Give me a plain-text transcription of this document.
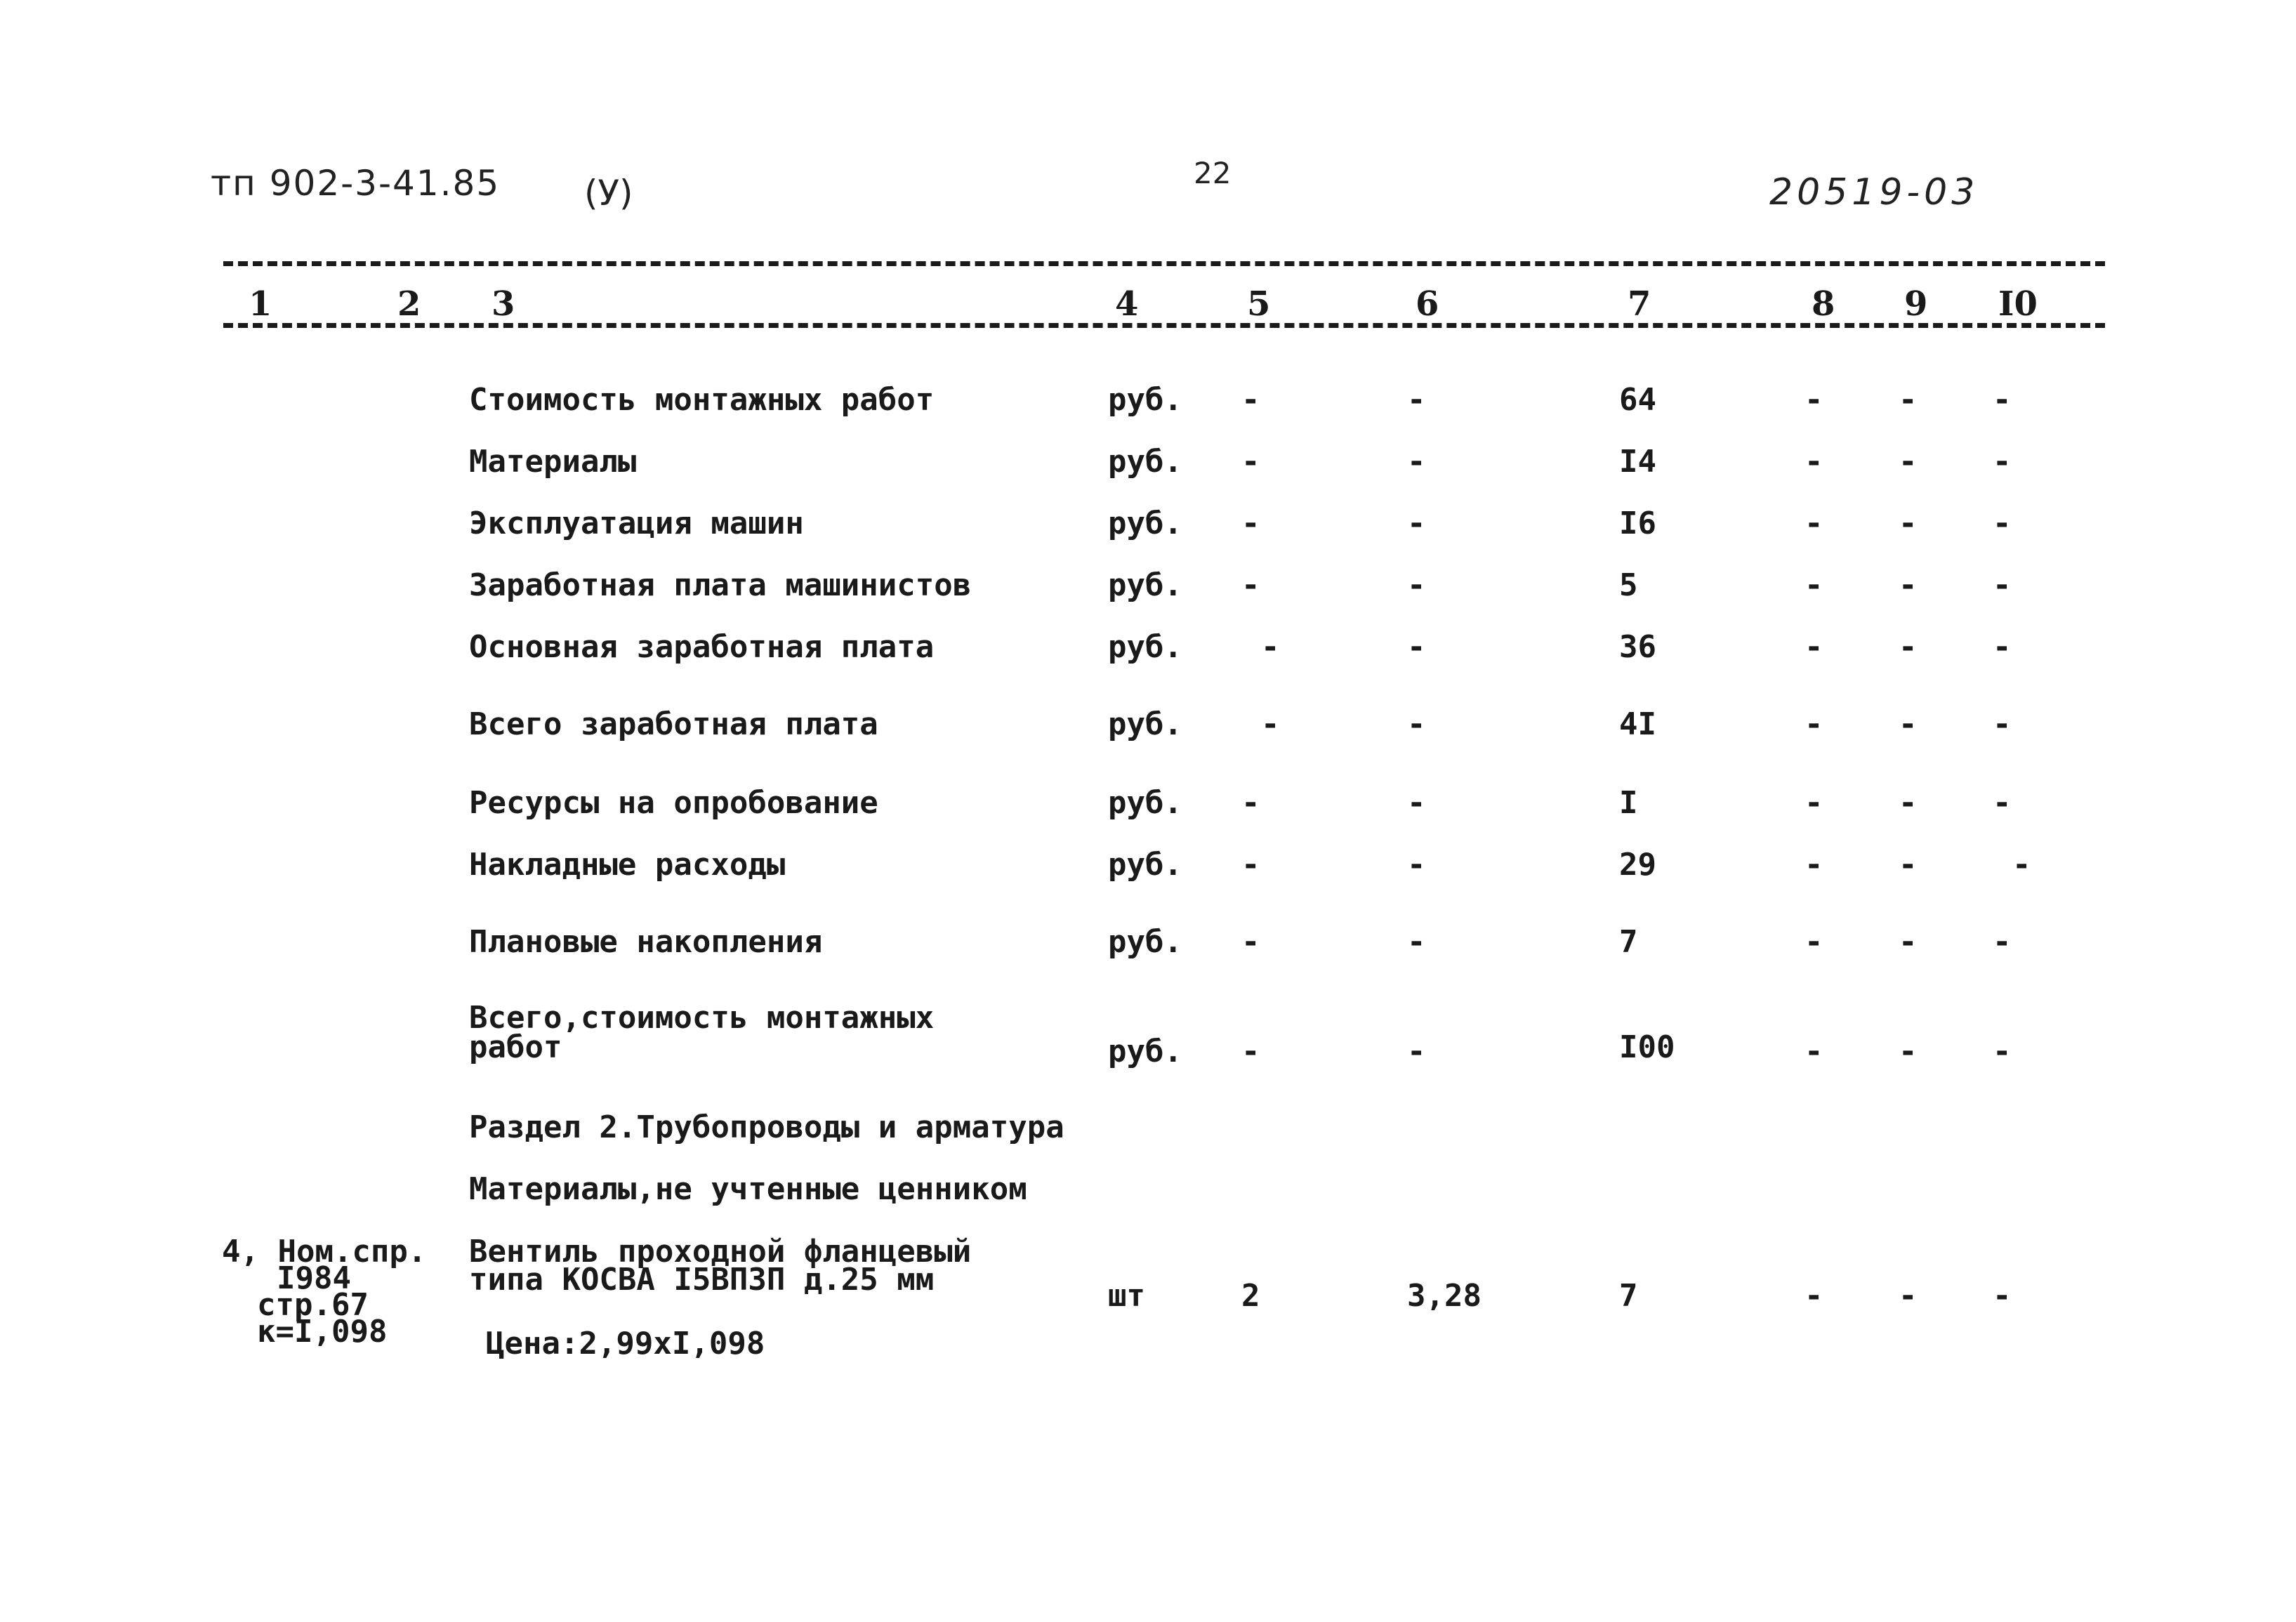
тп 902-3-41.85 (У)	22	20519-03
1	2 3	4	5	6	7	8 9 I0
Стоимость монтажных работ	руб. -	-	64	- - -
Материалы	руб. -	-	I4	- - -
Эксплуатация машин	руб. -	-	I6	- - -
Заработная плата машинистов	руб. -	-	5	- - -
Основная заработная плата	руб.	-	-	36	- - -
Всего заработная плата	руб.	-	-	4I	- - -
Ресурсы на опробование	руб. -	-	I	- - -
Накладные расходы	руб. -	-	29	- -	-
Плановые накопления	руб. -	-	7	- - -
Всего,стоимость монтажных
работ	руб. -	-	I00	- - -
Раздел 2.Трубопроводы и арматура
Материалы,не учтенные ценником
4, Ном.спр.
I984
стр.67
к=I,098
Вентиль проходной фланцевый
типа КОСВА I5ВП3П д.25 мм
Цена:2,99хI,098
шт	2	3,28	7	- - -
